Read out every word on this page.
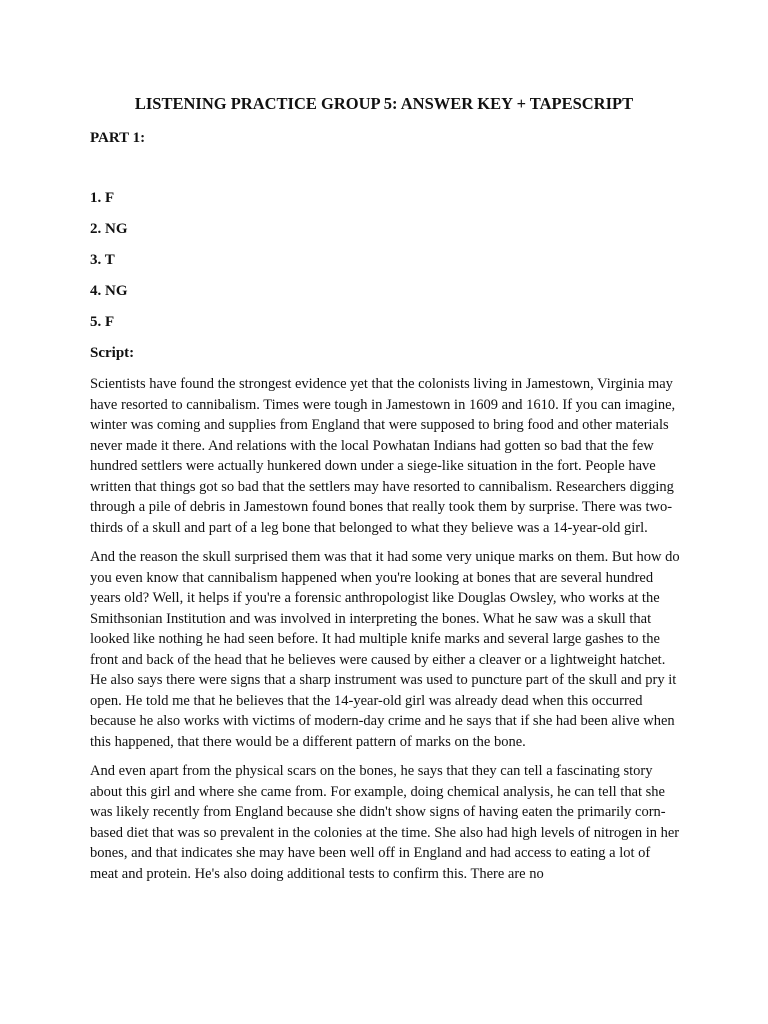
LISTENING PRACTICE GROUP 5: ANSWER KEY + TAPESCRIPT

PART 1:

1. F
2. NG
3. T
4. NG
5. F

Script:

Scientists have found the strongest evidence yet that the colonists living in Jamestown, Virginia may have resorted to cannibalism. Times were tough in Jamestown in 1609 and 1610. If you can imagine, winter was coming and supplies from England that were supposed to bring food and other materials never made it there. And relations with the local Powhatan Indians had gotten so bad that the few hundred settlers were actually hunkered down under a siege-like situation in the fort. People have written that things got so bad that the settlers may have resorted to cannibalism. Researchers digging through a pile of debris in Jamestown found bones that really took them by surprise. There was two-thirds of a skull and part of a leg bone that belonged to what they believe was a 14-year-old girl.

And the reason the skull surprised them was that it had some very unique marks on them. But how do you even know that cannibalism happened when you're looking at bones that are several hundred years old? Well, it helps if you're a forensic anthropologist like Douglas Owsley, who works at the Smithsonian Institution and was involved in interpreting the bones. What he saw was a skull that looked like nothing he had seen before. It had multiple knife marks and several large gashes to the front and back of the head that he believes were caused by either a cleaver or a lightweight hatchet. He also says there were signs that a sharp instrument was used to puncture part of the skull and pry it open. He told me that he believes that the 14-year-old girl was already dead when this occurred because he also works with victims of modern-day crime and he says that if she had been alive when this happened, that there would be a different pattern of marks on the bone.

And even apart from the physical scars on the bones, he says that they can tell a fascinating story about this girl and where she came from. For example, doing chemical analysis, he can tell that she was likely recently from England because she didn't show signs of having eaten the primarily corn-based diet that was so prevalent in the colonies at the time. She also had high levels of nitrogen in her bones, and that indicates she may have been well off in England and had access to eating a lot of meat and protein. He's also doing additional tests to confirm this. There are no
